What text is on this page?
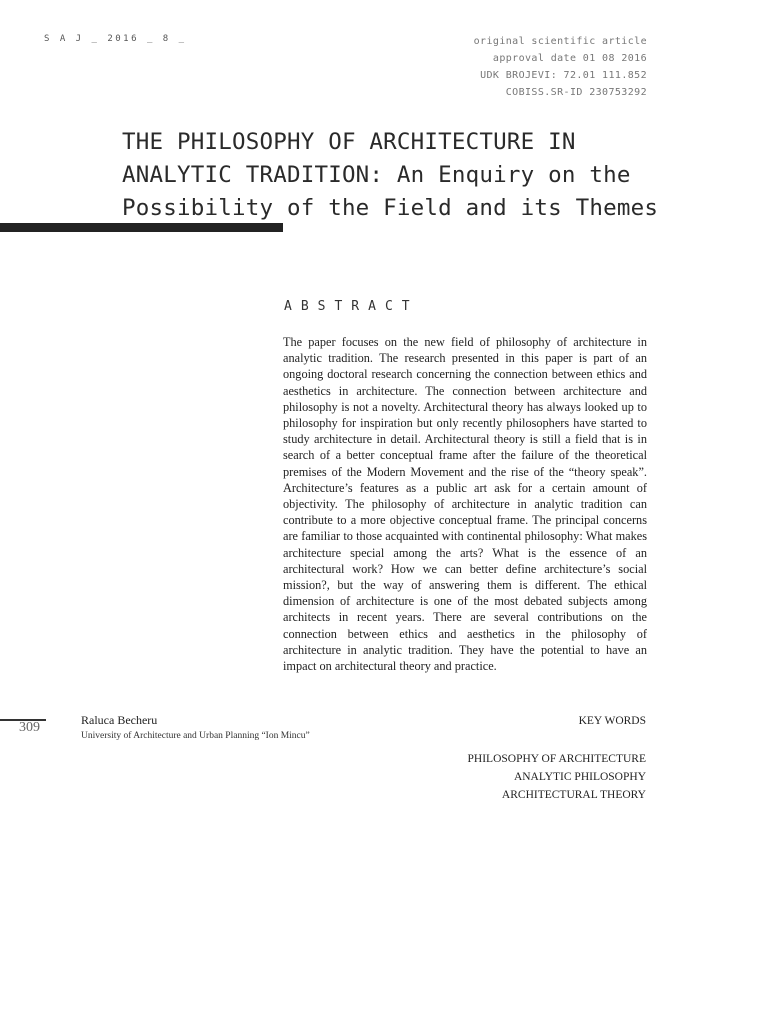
S A J _ 2016 _ 8 _	original scientific article
approval date 01 08 2016
UDK BROJEVI: 72.01 111.852
COBISS.SR-ID 230753292
THE PHILOSOPHY OF ARCHITECTURE IN
ANALYTIC TRADITION: An Enquiry on the
Possibility of the Field and its Themes
ABSTRACT
The paper focuses on the new field of philosophy of architecture in analytic tradition. The research presented in this paper is part of an ongoing doctoral research concerning the connection between ethics and aesthetics in architecture. The connection between architecture and philosophy is not a novelty. Architectural theory has always looked up to philosophy for inspiration but only recently philosophers have started to study architecture in detail. Architectural theory is still a field that is in search of a better conceptual frame after the failure of the theoretical premises of the Modern Movement and the rise of the “theory speak”. Architecture’s features as a public art ask for a certain amount of objectivity. The philosophy of architecture in analytic tradition can contribute to a more objective conceptual frame. The principal concerns are familiar to those acquainted with continental philosophy: What makes architecture special among the arts? What is the essence of an architectural work? How we can better define architecture’s social mission?, but the way of answering them is different. The ethical dimension of architecture is one of the most debated subjects among architects in recent years. There are several contributions on the connection between ethics and aesthetics in the philosophy of architecture in analytic tradition. They have the potential to have an impact on architectural theory and practice.
309	Raluca Becheru
University of Architecture and Urban Planning “Ion Mincu”
KEY WORDS
PHILOSOPHY OF ARCHITECTURE
ANALYTIC PHILOSOPHY
ARCHITECTURAL THEORY
